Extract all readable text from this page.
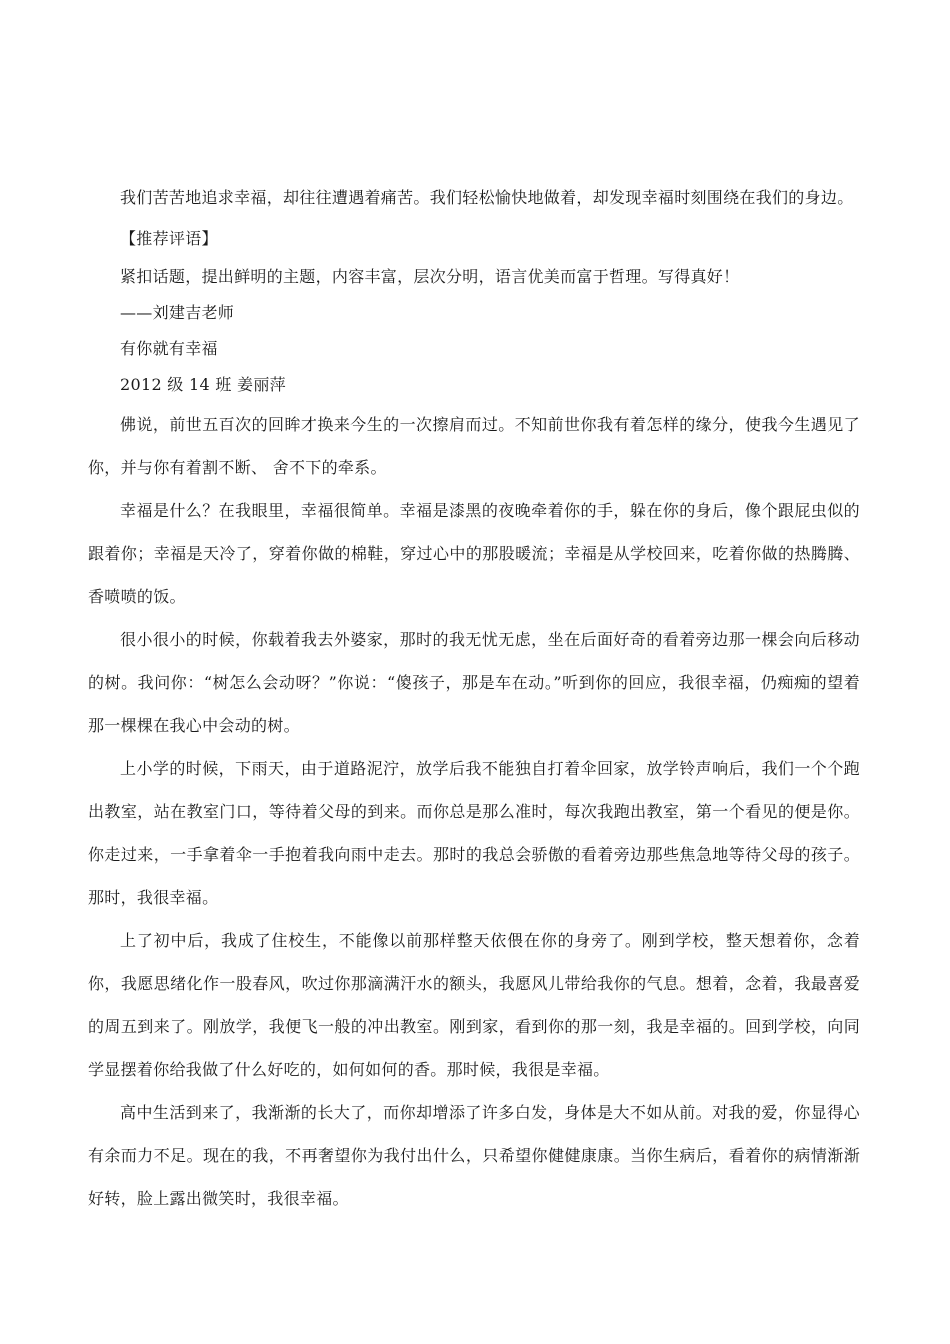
我们苦苦地追求幸福，却往往遭遇着痛苦。我们轻松愉快地做着，却发现幸福时刻围绕在我们的身边。

【推荐评语】

紧扣话题，提出鲜明的主题，内容丰富，层次分明，语言优美而富于哲理。写得真好！

——刘建吉老师

有你就有幸福

2012 级 14 班 姜丽萍

佛说，前世五百次的回眸才换来今生的一次擦肩而过。不知前世你我有着怎样的缘分，使我今生遇见了你，并与你有着割不断、 舍不下的牵系。

幸福是什么？在我眼里，幸福很简单。幸福是漆黑的夜晚牵着你的手，躲在你的身后，像个跟屁虫似的跟着你；幸福是天冷了，穿着你做的棉鞋，穿过心中的那股暖流；幸福是从学校回来，吃着你做的热腾腾、香喷喷的饭。

很小很小的时候，你载着我去外婆家，那时的我无忧无虑，坐在后面好奇的看着旁边那一棵会向后移动的树。我问你：“树怎么会动呀？”你说：“傻孩子，那是车在动。”听到你的回应，我很幸福，仍痴痴的望着那一棵棵在我心中会动的树。

上小学的时候，下雨天，由于道路泥泞，放学后我不能独自打着伞回家，放学铃声响后，我们一个个跑出教室，站在教室门口，等待着父母的到来。而你总是那么准时，每次我跑出教室，第一个看见的便是你。你走过来，一手拿着伞一手抱着我向雨中走去。那时的我总会骄傲的看着旁边那些焦急地等待父母的孩子。那时，我很幸福。

上了初中后，我成了住校生，不能像以前那样整天依偎在你的身旁了。刚到学校，整天想着你，念着你，我愿思绪化作一股春风，吹过你那滴满汗水的额头，我愿风儿带给我你的气息。想着，念着，我最喜爱的周五到来了。刚放学，我便飞一般的冲出教室。刚到家，看到你的那一刻，我是幸福的。回到学校，向同学显摆着你给我做了什么好吃的，如何如何的香。那时候，我很是幸福。

高中生活到来了，我渐渐的长大了，而你却增添了许多白发，身体是大不如从前。对我的爱，你显得心有余而力不足。现在的我，不再奢望你为我付出什么，只希望你健健康康。当你生病后，看着你的病情渐渐好转，脸上露出微笑时，我很幸福。
